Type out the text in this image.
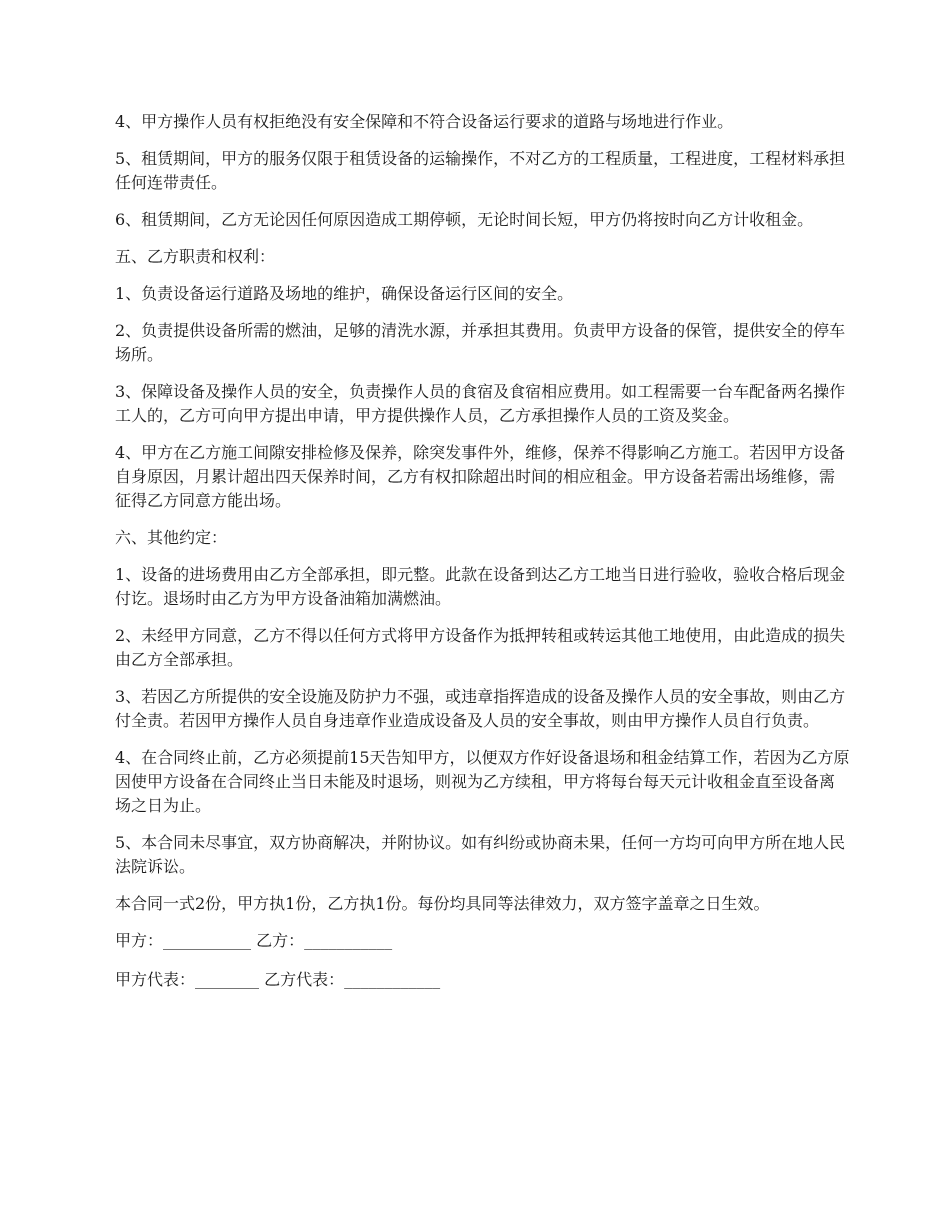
4、甲方操作人员有权拒绝没有安全保障和不符合设备运行要求的道路与场地进行作业。

5、租赁期间，甲方的服务仅限于租赁设备的运输操作，不对乙方的工程质量，工程进度，工程材料承担任何连带责任。

6、租赁期间，乙方无论因任何原因造成工期停顿，无论时间长短，甲方仍将按时向乙方计收租金。

五、乙方职责和权利：

1、负责设备运行道路及场地的维护，确保设备运行区间的安全。

2、负责提供设备所需的燃油，足够的清洗水源，并承担其费用。负责甲方设备的保管，提供安全的停车场所。

3、保障设备及操作人员的安全，负责操作人员的食宿及食宿相应费用。如工程需要一台车配备两名操作工人的，乙方可向甲方提出申请，甲方提供操作人员，乙方承担操作人员的工资及奖金。

4、甲方在乙方施工间隙安排检修及保养，除突发事件外，维修，保养不得影响乙方施工。若因甲方设备自身原因，月累计超出四天保养时间，乙方有权扣除超出时间的相应租金。甲方设备若需出场维修，需征得乙方同意方能出场。

六、其他约定：

1、设备的进场费用由乙方全部承担，即元整。此款在设备到达乙方工地当日进行验收，验收合格后现金付讫。退场时由乙方为甲方设备油箱加满燃油。

2、未经甲方同意，乙方不得以任何方式将甲方设备作为抵押转租或转运其他工地使用，由此造成的损失由乙方全部承担。

3、若因乙方所提供的安全设施及防护力不强，或违章指挥造成的设备及操作人员的安全事故，则由乙方付全责。若因甲方操作人员自身违章作业造成设备及人员的安全事故，则由甲方操作人员自行负责。

4、在合同终止前，乙方必须提前15天告知甲方，以便双方作好设备退场和租金结算工作，若因为乙方原因使甲方设备在合同终止当日未能及时退场，则视为乙方续租，甲方将每台每天元计收租金直至设备离场之日为止。

5、本合同未尽事宜，双方协商解决，并附协议。如有纠纷或协商未果，任何一方均可向甲方所在地人民法院诉讼。

本合同一式2份，甲方执1份，乙方执1份。每份均具同等法律效力，双方签字盖章之日生效。

甲方：___________ 乙方：___________

甲方代表：________ 乙方代表：____________
